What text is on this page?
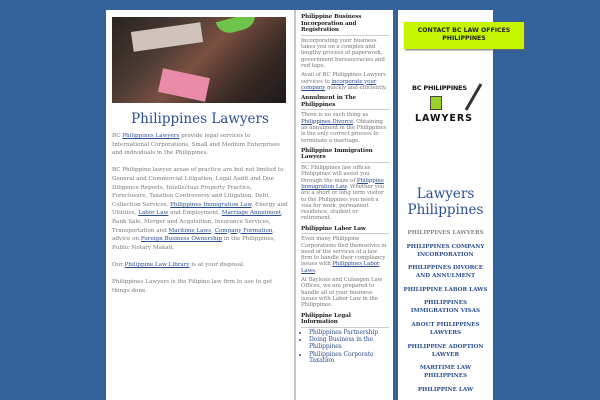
Philippines Lawyers

BC Philippines Lawyers provide legal services to International Corporations, Small and Medium Enterprises and individuals in the Philippines.

BC Philippine lawyer areas of practice are but not limited to General and Commercial Litigation, Legal Audit and Due Diligence Reports, Intellectual Property Practice, Foreclosure, Taxation Controversy and Litigation, Debt Collection Services, Philippines Immigration Law, Energy and Utilities, Labor Law and Employment, Marriage Annulment, Bank Sale, Merger and Acquisition, Insurance Services, Transportation and Maritime Laws, Company Formation, advice on Foreign Business Ownership in the Philippines, Public Notary Makati.

Our Philippine Law Library is at your disposal.

Philippines Lawyers is the Filipino law firm to use to get things done.

Philippine Business Incorporation and Registration

Incorporating your business takes you on a complex and lengthy process of paperwork, government bureaucracies and red tape.

Avail of BC Philippines Lawyers services to incorporate your company quickly and efficiently.

Annulment in The Philippines

There is no such thing as Philippines Divorce. Obtaining an annulment in the Philippines is the only correct process to terminate a marriage.

Philippine Immigration Lawyers

BC Philippines law offices Philippines will assist you through the maze of Philippine Immigration Law. Whether you are a short or long term visitor to the Philippines you need a visa for work, permanent residence, student or retirement.

Philippine Labor Law

Even many Philippine Corporations find themselves in need of the services of a law firm to handle their compliancy issues with Philippines Labor Laws.

At Baylosis and Culangen Law Offices, we are prepared to handle all of your business issues with Labor Law in the Philippines.

Philippine Legal Information
• Philippines Partnership
• Doing Business in the Philippines
• Philippines Corporate Taxation
CONTACT BC LAW OFFICES PHILIPPINES
BC PHILIPPINES
LAWYERS
Lawyers Philippines
PHILIPPINES LAWYERS
PHILIPPINES COMPANY INCORPORATION
PHILIPPINES DIVORCE AND ANNULMENT
PHILIPPINE LABOR LAWS
PHILIPPINES IMMIGRATION VISAS
ABOUT PHILIPPINES LAWYERS
PHILIPPINE ADOPTION LAWYER
MARITIME LAW PHILIPPINES
PHILIPPINE LAW
